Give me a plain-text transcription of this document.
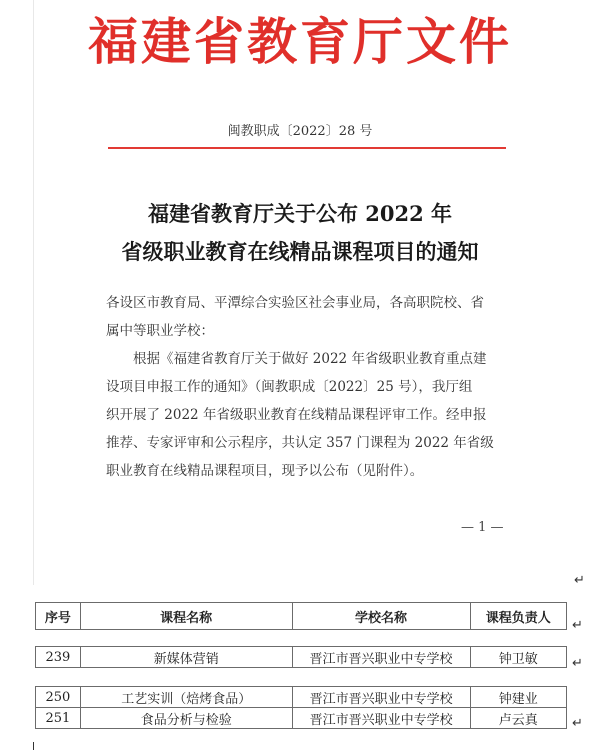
福建省教育厅文件
闽教职成〔2022〕28 号
福建省教育厅关于公布 2022 年
省级职业教育在线精品课程项目的通知
各设区市教育局、平潭综合实验区社会事业局，各高职院校、省
属中等职业学校：
　　根据《福建省教育厅关于做好 2022 年省级职业教育重点建
设项目申报工作的通知》（闽教职成〔2022〕25 号），我厅组
织开展了 2022 年省级职业教育在线精品课程评审工作。经申报
推荐、专家评审和公示程序，共认定 357 门课程为 2022 年省级
职业教育在线精品课程项目，现予以公布（见附件）。
— 1 —
↵
序号	课程名称	学校名称	课程负责人 ↵
239	新媒体营销	晋江市晋兴职业中专学校	钟卫敏	↵
250	工艺实训（焙烤食品）	晋江市晋兴职业中专学校	钟建业
251	食品分析与检验	晋江市晋兴职业中专学校	卢云真	↵
